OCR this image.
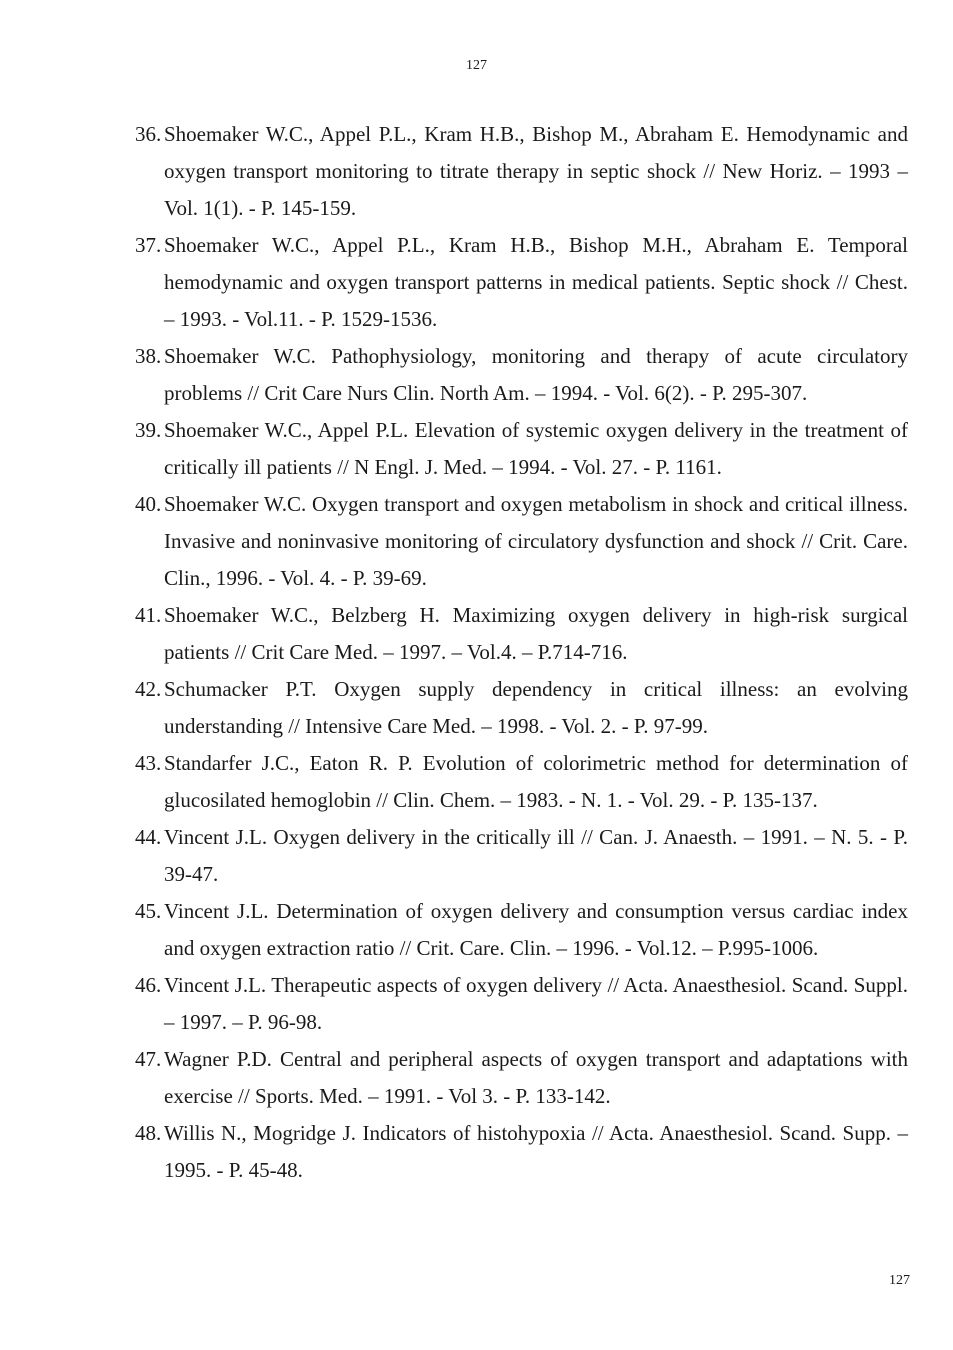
127
36. Shoemaker W.C., Appel P.L., Kram H.B., Bishop M., Abraham E. Hemodynamic and oxygen transport monitoring to titrate therapy in septic shock // New Horiz. – 1993 – Vol. 1(1). - P. 145-159.
37. Shoemaker W.C., Appel P.L., Kram H.B., Bishop M.H., Abraham E. Temporal hemodynamic and oxygen transport patterns in medical patients. Septic shock // Chest. – 1993. - Vol.11. - P. 1529-1536.
38. Shoemaker W.C. Pathophysiology, monitoring and therapy of acute circulatory problems // Crit Care Nurs Clin. North Am. – 1994. - Vol. 6(2). - P. 295-307.
39. Shoemaker W.C., Appel P.L. Elevation of systemic oxygen delivery in the treatment of critically ill patients // N Engl. J. Med. – 1994. - Vol. 27. - P. 1161.
40. Shoemaker W.C. Oxygen transport and oxygen metabolism in shock and critical illness. Invasive and noninvasive monitoring of circulatory dysfunction and shock // Crit. Care. Clin., 1996. - Vol. 4. - P. 39-69.
41. Shoemaker W.C., Belzberg H. Maximizing oxygen delivery in high-risk surgical patients // Crit Care Med. – 1997. – Vol.4. – P.714-716.
42. Schumacker P.T. Oxygen supply dependency in critical illness: an evolving understanding // Intensive Care Med. – 1998. - Vol. 2. - P. 97-99.
43. Standarfer J.C., Eaton R. P. Evolution of colorimetric method for determination of glucosilated hemoglobin // Clin. Chem. – 1983. - N. 1. - Vol. 29. - P. 135-137.
44. Vincent J.L. Oxygen delivery in the critically ill // Can. J. Anaesth. – 1991. – N. 5. - P. 39-47.
45. Vincent J.L. Determination of oxygen delivery and consumption versus cardiac index and oxygen extraction ratio // Crit. Care. Clin. – 1996. - Vol.12. – P.995-1006.
46. Vincent J.L. Therapeutic aspects of oxygen delivery // Acta. Anaesthesiol. Scand. Suppl. – 1997. – P. 96-98.
47. Wagner P.D. Central and peripheral aspects of oxygen transport and adaptations with exercise // Sports. Med. – 1991. - Vol 3. - P. 133-142.
48. Willis N., Mogridge J. Indicators of histohypoxia // Acta. Anaesthesiol. Scand. Supp. – 1995. - P. 45-48.
127
